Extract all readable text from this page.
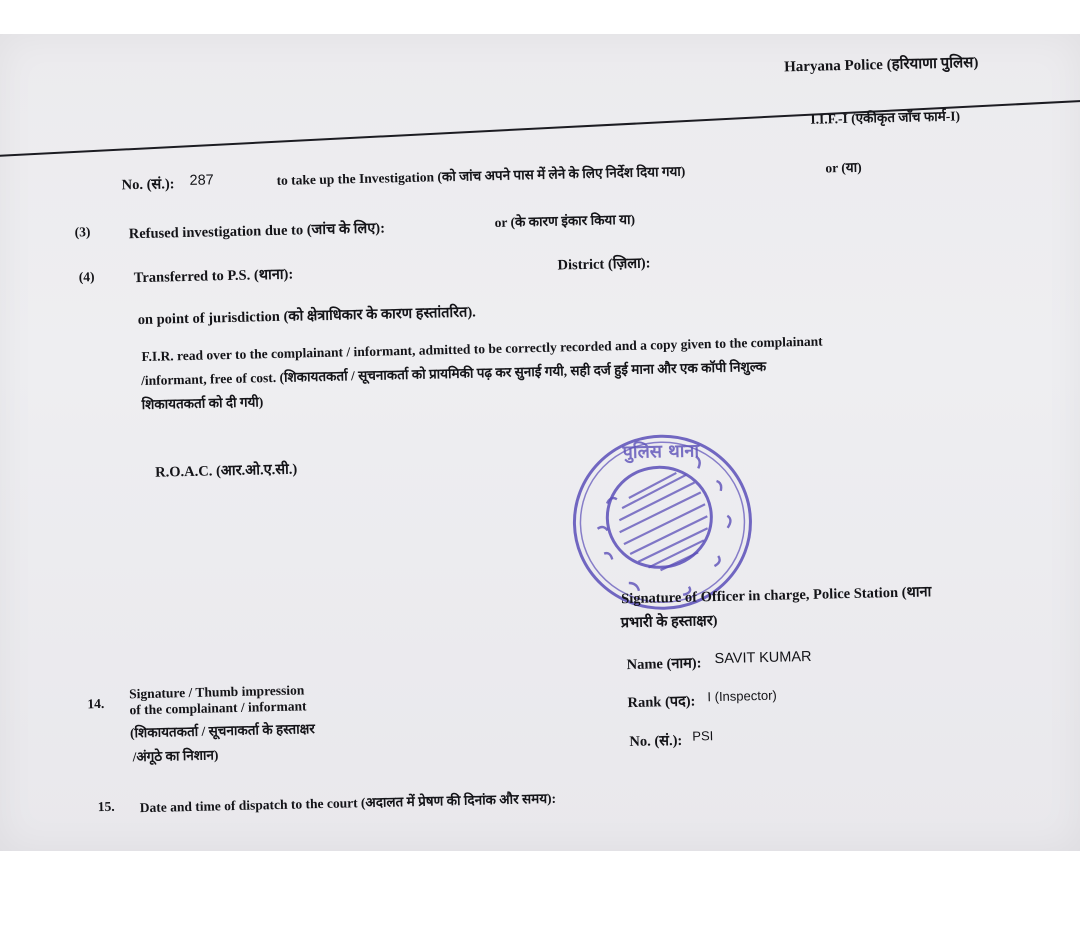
Haryana Police (हरियाणा पुलिस)
I.I.F.-I (एकीकृत जाँच फार्म-I)
No. (सं.): 287	to take up the Investigation (को जांच अपने पास में लेने के लिए निर्देश दिया गया)	or (या)
(3)	Refused investigation due to (जांच के लिए):	or (के कारण इंकार किया या)
(4)	Transferred to P.S. (थाना):
District (ज़िला):
on point of jurisdiction (को क्षेत्राधिकार के कारण हस्तांतरित).
F.I.R. read over to the complainant / informant, admitted to be correctly recorded and a copy given to the complainant
/informant, free of cost. (शिकायतकर्ता / सूचनाकर्ता को प्रायमिकी पढ़ कर सुनाई गयी, सही दर्ज हुई माना और एक कॉपी निशुल्क
शिकायतकर्ता को दी गयी)
R.O.A.C. (आर.ओ.ए.सी.)
पुलिस थाना
Signature of Officer in charge, Police Station (थाना
प्रभारी के हस्ताक्षर)
Name (नाम): SAVIT KUMAR
Rank (पद): I (Inspector)
No. (सं.): PSI
14.
Signature / Thumb impression
of the complainant / informant
(शिकायतकर्ता / सूचनाकर्ता के हस्ताक्षर
/अंगूठे का निशान)
15. Date and time of dispatch to the court (अदालत में प्रेषण की दिनांक और समय):
